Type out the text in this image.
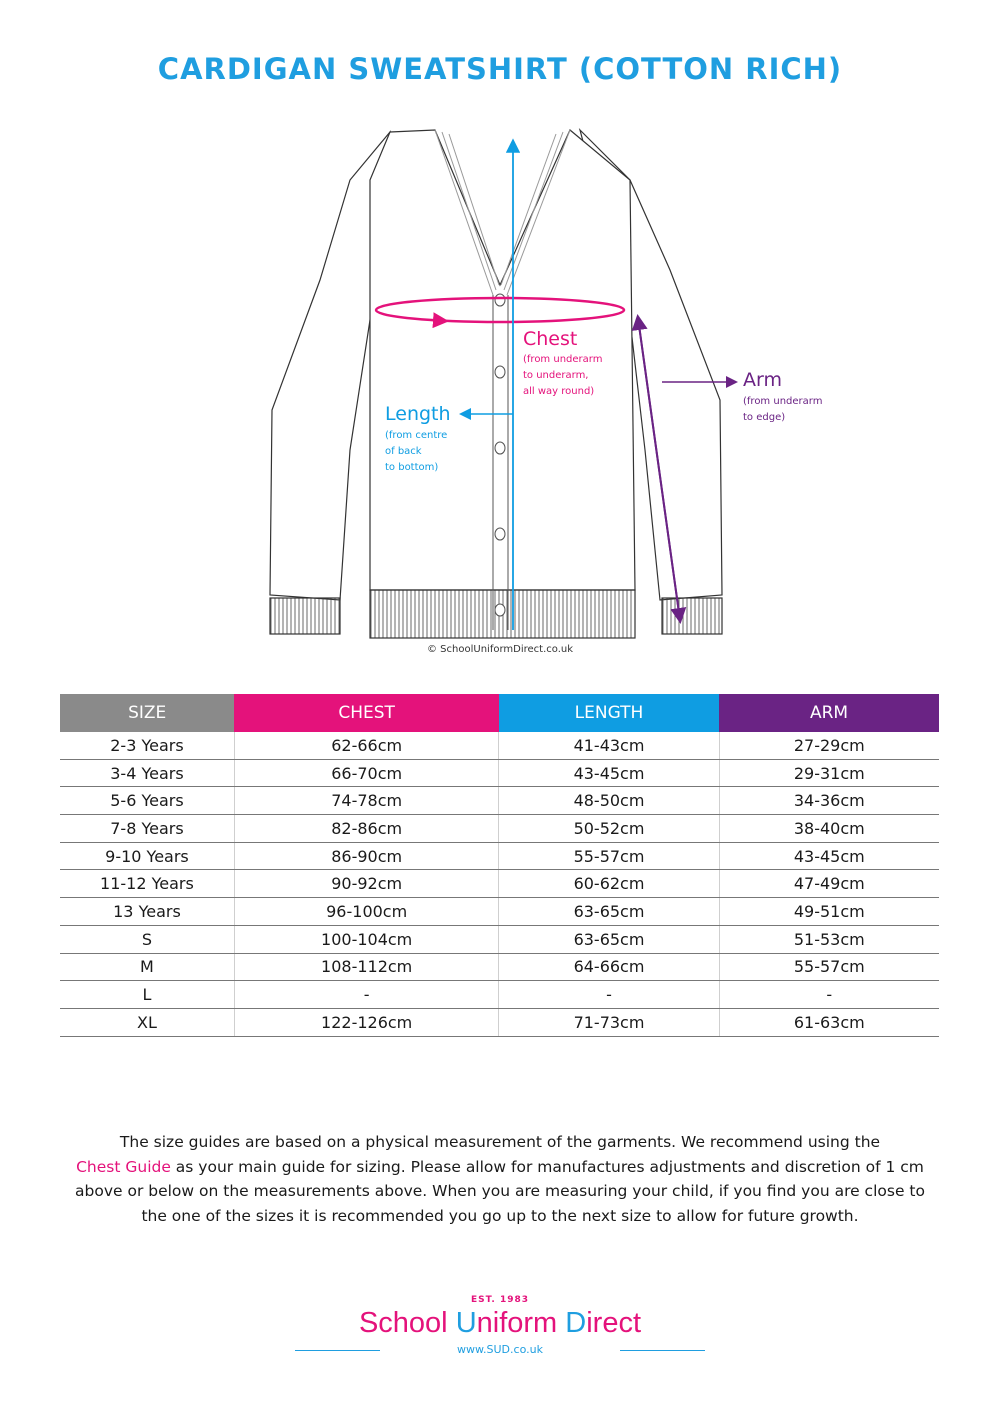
CARDIGAN SWEATSHIRT (COTTON RICH)
Chest
(from underarm
to underarm,
all way round)
Length
(from centre
of back
to bottom)
Arm
(from underarm
to edge)
© SchoolUniformDirect.co.uk
SIZE	CHEST	LENGTH	ARM
2-3 Years	62-66cm	41-43cm	27-29cm
3-4 Years	66-70cm	43-45cm	29-31cm
5-6 Years	74-78cm	48-50cm	34-36cm
7-8 Years	82-86cm	50-52cm	38-40cm
9-10 Years	86-90cm	55-57cm	43-45cm
11-12 Years	90-92cm	60-62cm	47-49cm
13 Years	96-100cm	63-65cm	49-51cm
S	100-104cm	63-65cm	51-53cm
M	108-112cm	64-66cm	55-57cm
L	-	-	-
XL	122-126cm	71-73cm	61-63cm
The size guides are based on a physical measurement of the garments. We recommend using the
Chest Guide as your main guide for sizing. Please allow for manufactures adjustments and discretion of 1 cm above or below on the measurements above. When you are measuring your child, if you find you are close to the one of the sizes it is recommended you go up to the next size to allow for future growth.
EST. 1983
School Uniform Direct
www.SUD.co.uk
